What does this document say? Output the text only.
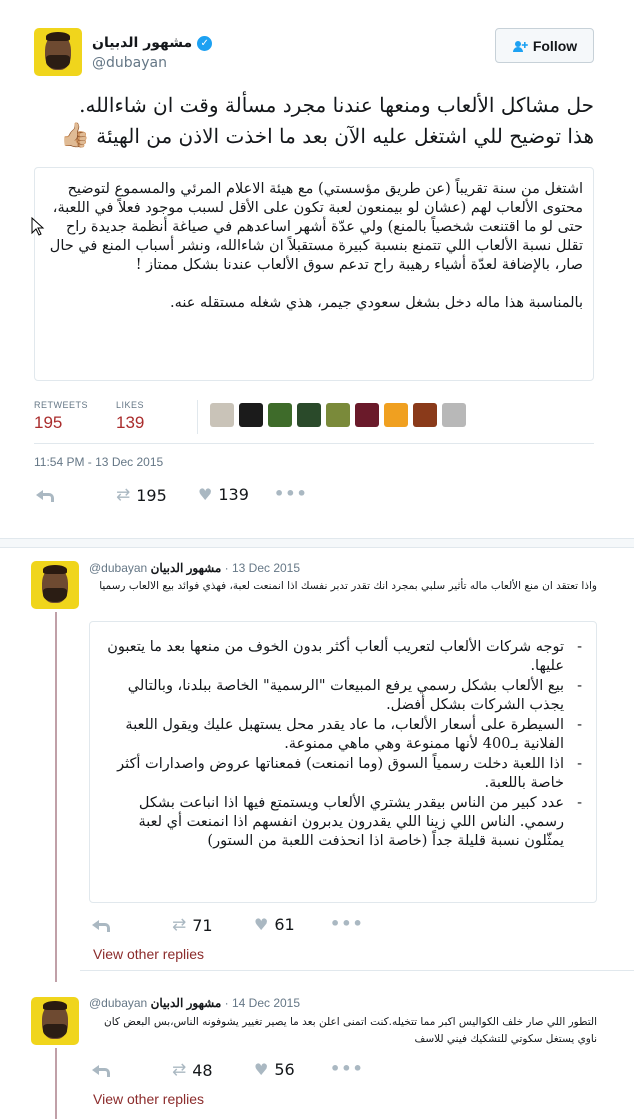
مشهور الدبيان ✓
@dubayan
Follow
حل مشاكل الألعاب ومنعها عندنا مجرد مسألة وقت ان شاءالله.
هذا توضيح للي اشتغل عليه الآن بعد ما اخذت الاذن من الهيئة 👍🏼

اشتغل من سنة تقريباً (عن طريق مؤسستي) مع هيئة الاعلام المرئي والمسموع لتوضيح محتوى الألعاب لهم (عشان لو بيمنعون لعبة تكون على الأقل لسبب موجود فعلاً في اللعبة، حتى لو ما اقتنعت شخصياً بالمنع) ولي عدّة أشهر اساعدهم في صياغة أنظمة جديدة راح تقلل نسبة الألعاب اللي تتمنع بنسبة كبيرة مستقبلاً ان شاءالله، ونشر أسباب المنع في حال صار، بالإضافة لعدّة أشياء رهيبة راح تدعم سوق الألعاب عندنا بشكل ممتاز !

بالمناسبة هذا ماله دخل بشغل سعودي جيمر، هذي شغله مستقله عنه.

RETWEETS
195
LIKES
139
11:54 PM - 13 Dec 2015
⇄ 195 ♥ 139 •••
@dubayan مشهور الدبيان · 13 Dec 2015
واذا تعتقد ان منع الألعاب ماله تأثير سلبي بمجرد انك تقدر تدبر نفسك اذا انمنعت لعبة، فهذي فوائد بيع الالعاب رسميا
- توجه شركات الألعاب لتعريب ألعاب أكثر بدون الخوف من منعها بعد ما يتعبون عليها.
- بيع الألعاب بشكل رسمي يرفع المبيعات "الرسمية" الخاصة ببلدنا، وبالتالي يجذب الشركات بشكل أفضل.
- السيطرة على أسعار الألعاب، ما عاد يقدر محل يستهبل عليك ويقول اللعبة الفلانية بـ400 لأنها ممنوعة وهي ماهي ممنوعة.
- اذا اللعبة دخلت رسمياً السوق (وما انمنعت) فمعناتها عروض واصدارات أكثر خاصة باللعبة.
- عدد كبير من الناس بيقدر يشتري الألعاب ويستمتع فيها اذا انباعت بشكل رسمي. الناس اللي زينا اللي يقدرون يدبرون انفسهم اذا انمنعت أي لعبة يمثّلون نسبة قليلة جداً (خاصة اذا انحذفت اللعبة من الستور)
⇄ 71	♥ 61 •••
View other replies
@dubayan مشهور الدبيان · 14 Dec 2015
التطور اللي صار خلف الكواليس اكبر مما تتخيله.كنت اتمنى اعلن بعد ما يصير تغيير يشوفونه الناس،بس البعض كان ناوي يستغل سكوتي للتشكيك فيني للاسف
⇄ 48	♥ 56 •••
View other replies
